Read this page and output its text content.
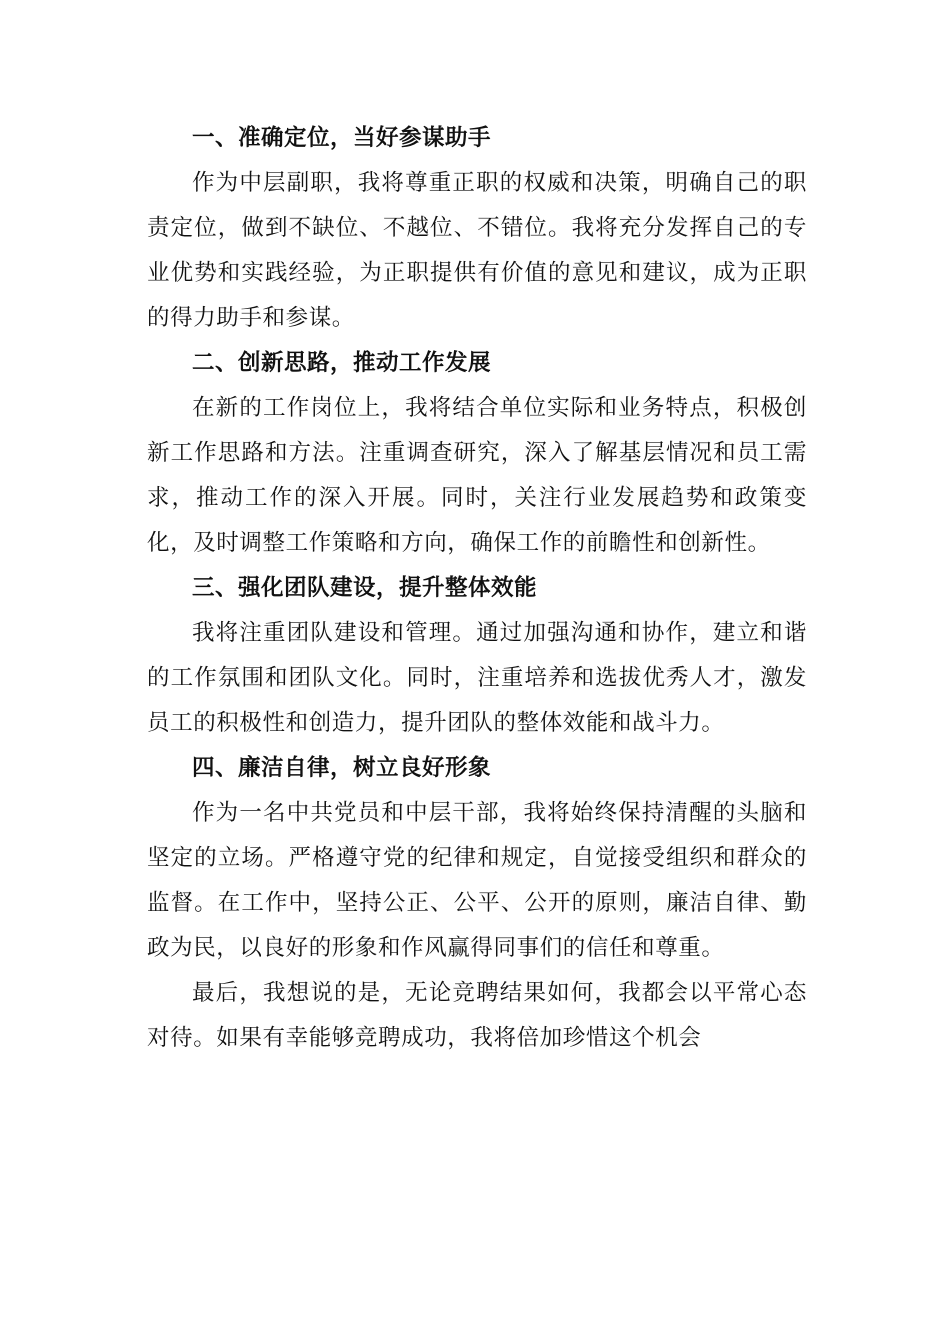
一、准确定位，当好参谋助手

作为中层副职，我将尊重正职的权威和决策，明确自己的职责定位，做到不缺位、不越位、不错位。我将充分发挥自己的专业优势和实践经验，为正职提供有价值的意见和建议，成为正职的得力助手和参谋。

二、创新思路，推动工作发展

在新的工作岗位上，我将结合单位实际和业务特点，积极创新工作思路和方法。注重调查研究，深入了解基层情况和员工需求，推动工作的深入开展。同时，关注行业发展趋势和政策变化，及时调整工作策略和方向，确保工作的前瞻性和创新性。

三、强化团队建设，提升整体效能

我将注重团队建设和管理。通过加强沟通和协作，建立和谐的工作氛围和团队文化。同时，注重培养和选拔优秀人才，激发员工的积极性和创造力，提升团队的整体效能和战斗力。

四、廉洁自律，树立良好形象

作为一名中共党员和中层干部，我将始终保持清醒的头脑和坚定的立场。严格遵守党的纪律和规定，自觉接受组织和群众的监督。在工作中，坚持公正、公平、公开的原则，廉洁自律、勤政为民，以良好的形象和作风赢得同事们的信任和尊重。

最后，我想说的是，无论竞聘结果如何，我都会以平常心态对待。如果有幸能够竞聘成功，我将倍加珍惜这个机会
